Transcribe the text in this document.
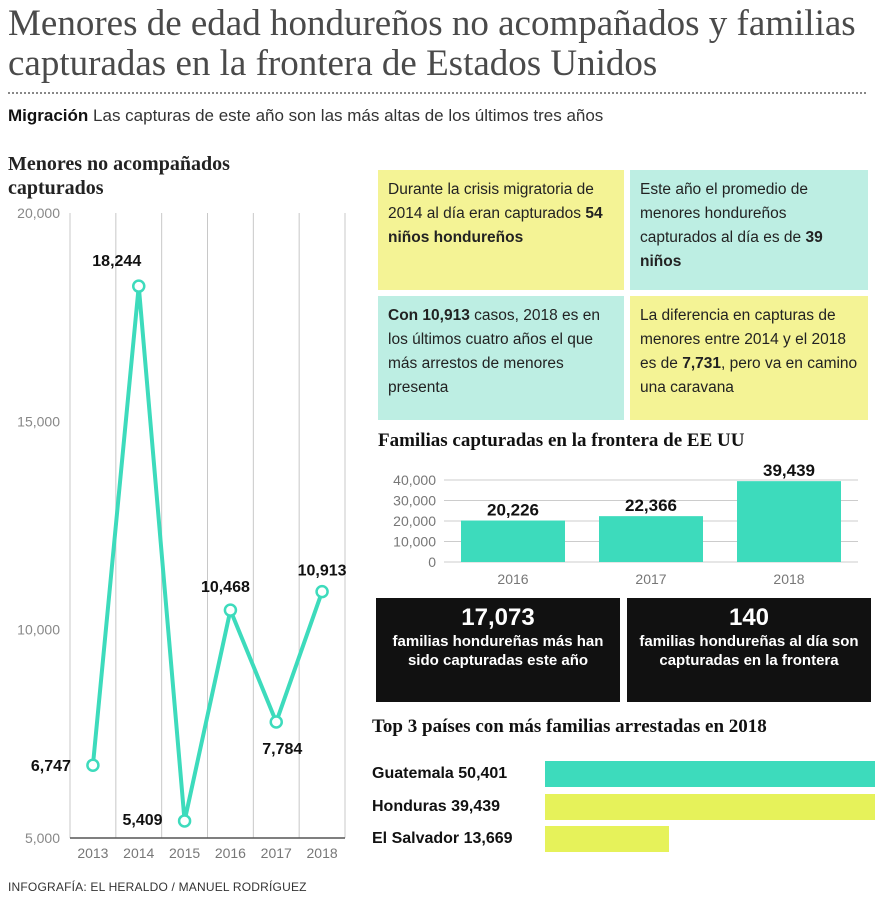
Menores de edad hondureños no acompañados y familias capturadas en la frontera de Estados Unidos
Migración Las capturas de este año son las más altas de los últimos tres años
Menores no acompañados capturados
5,000
10,000
15,000
20,000
2013 2014 2015 2016 2017 2018
6,747
18,244
5,409
10,468
7,784
10,913
Durante la crisis migratoria de 2014 al día eran capturados 54 niños hondureños
Este año el promedio de menores hondureños capturados al día es de 39 niños
Con 10,913 casos, 2018 es en los últimos cuatro años el que más arrestos de menores presenta
La diferencia en capturas de menores entre 2014 y el 2018 es de 7,731, pero va en camino una caravana
Familias capturadas en la frontera de EE UU
0
10,000
20,000
30,000
40,000
20,226
2016
22,366
2017
39,439
2018
17,073
familias hondureñas más han sido capturadas este año
140
familias hondureñas al día son capturadas en la frontera
Top 3 países con más familias arrestadas en 2018
Guatemala 50,401
Honduras 39,439
El Salvador 13,669
INFOGRAFÍA: EL HERALDO / MANUEL RODRÍGUEZ
